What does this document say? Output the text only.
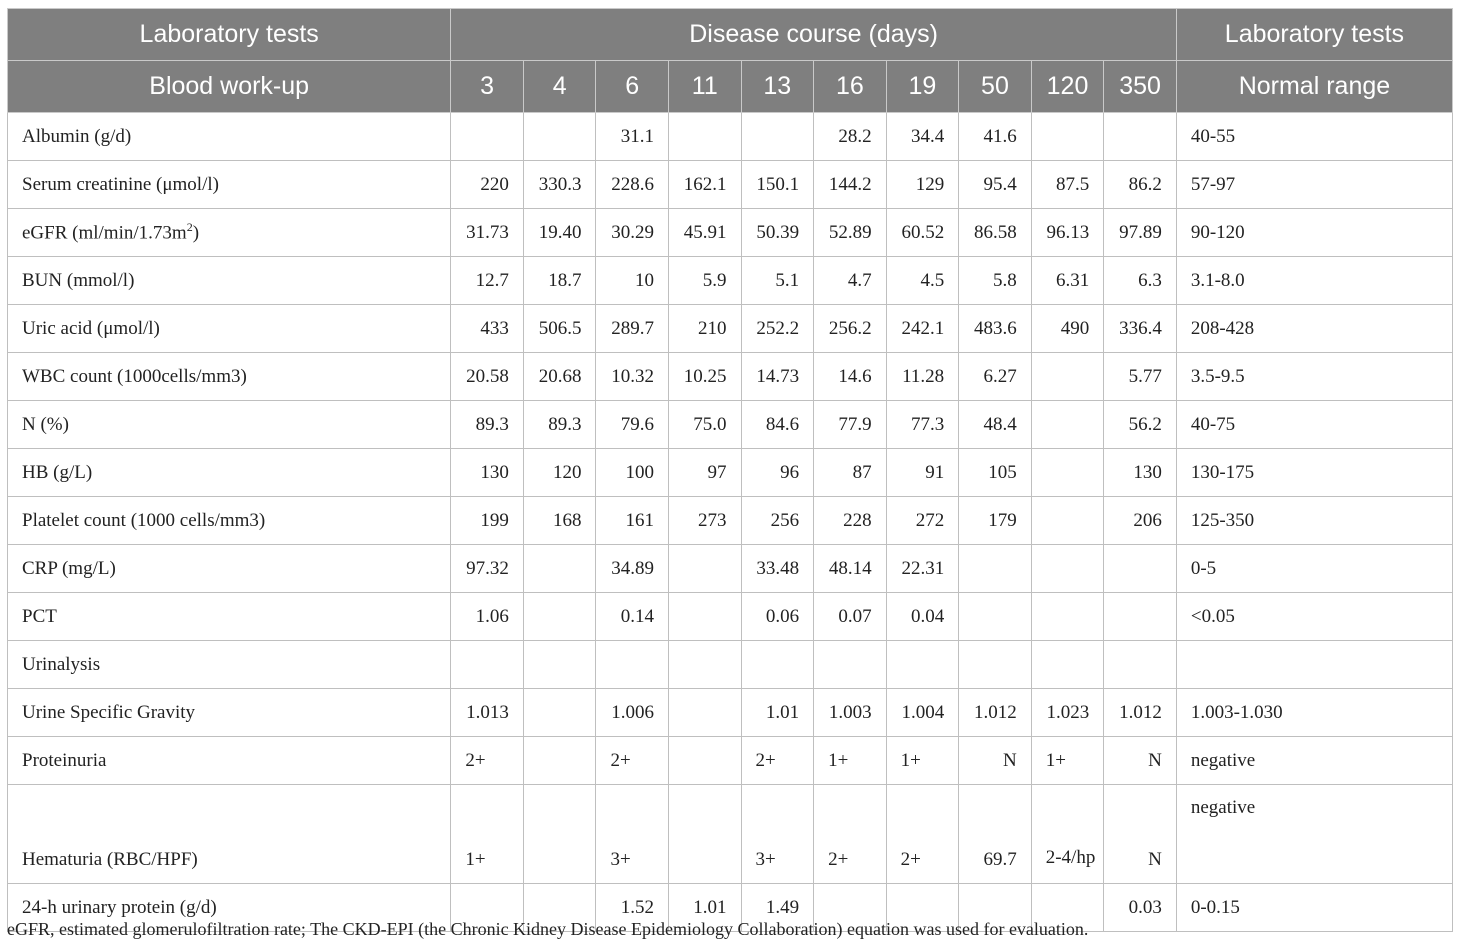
Laboratory tests	Disease course (days)										Laboratory tests
Blood work-up	3	4	6	11	13	16	19	50	120	350	Normal range
Albumin (g/d)			31.1			28.2	34.4	41.6			40-55
Serum creatinine (μmol/l)	220	330.3	228.6	162.1	150.1	144.2	129	95.4	87.5	86.2	57-97
eGFR $(ml/\min/1.73m^2)$	31.73	19.40	30.29	45.91	50.39	52.89	60.52	86.58	96.13	97.89	90-120
BUN (mmol/l)	12.7	18.7	10	5.9	5.1	4.7	4.5	5.8	6.31	6.3	3.1-8.0
Uric acid (μmol/l)	433	506.5	289.7	210	252.2	256.2	242.1	483.6	490	336.4	208-428
WBC count (1000cells/mm3)	20.58	20.68	10.32	10.25	14.73	14.6	11.28	6.27		5.77	3.5-9.5
N (%)	89.3	89.3	79.6	75.0	84.6	77.9	77.3	48.4		56.2	40-75
HB (g/L)	130	120	100	97	96	87	91	105		130	130-175
Platelet count (1000 cells/mm3)	199	168	161	273	256	228	272	179		206	125-350
CRP (mg/L)	97.32		34.89		33.48	48.14	22.31				0-5
PCT	1.06		0.14		0.06	0.07	0.04				<0.05
Urinalysis											
Urine Specific Gravity	1.013		1.006		1.01	1.003	1.004	1.012	1.023	1.012	1.003-1.030
Proteinuria	2+		2+		2+	1+	1+	N	1+	N	negative
Hematuria (RBC/HPF)	1+		3+		3+	2+	2+	69.7	2-4/hp	N	negative
24-h urinary protein (g/d)			1.52	1.01	1.49					0.03	0-0.15
eGFR, estimated glomerulofiltration rate; The CKD-EPI (the Chronic Kidney Disease Epidemiology Collaboration) equation was used for evaluation.
